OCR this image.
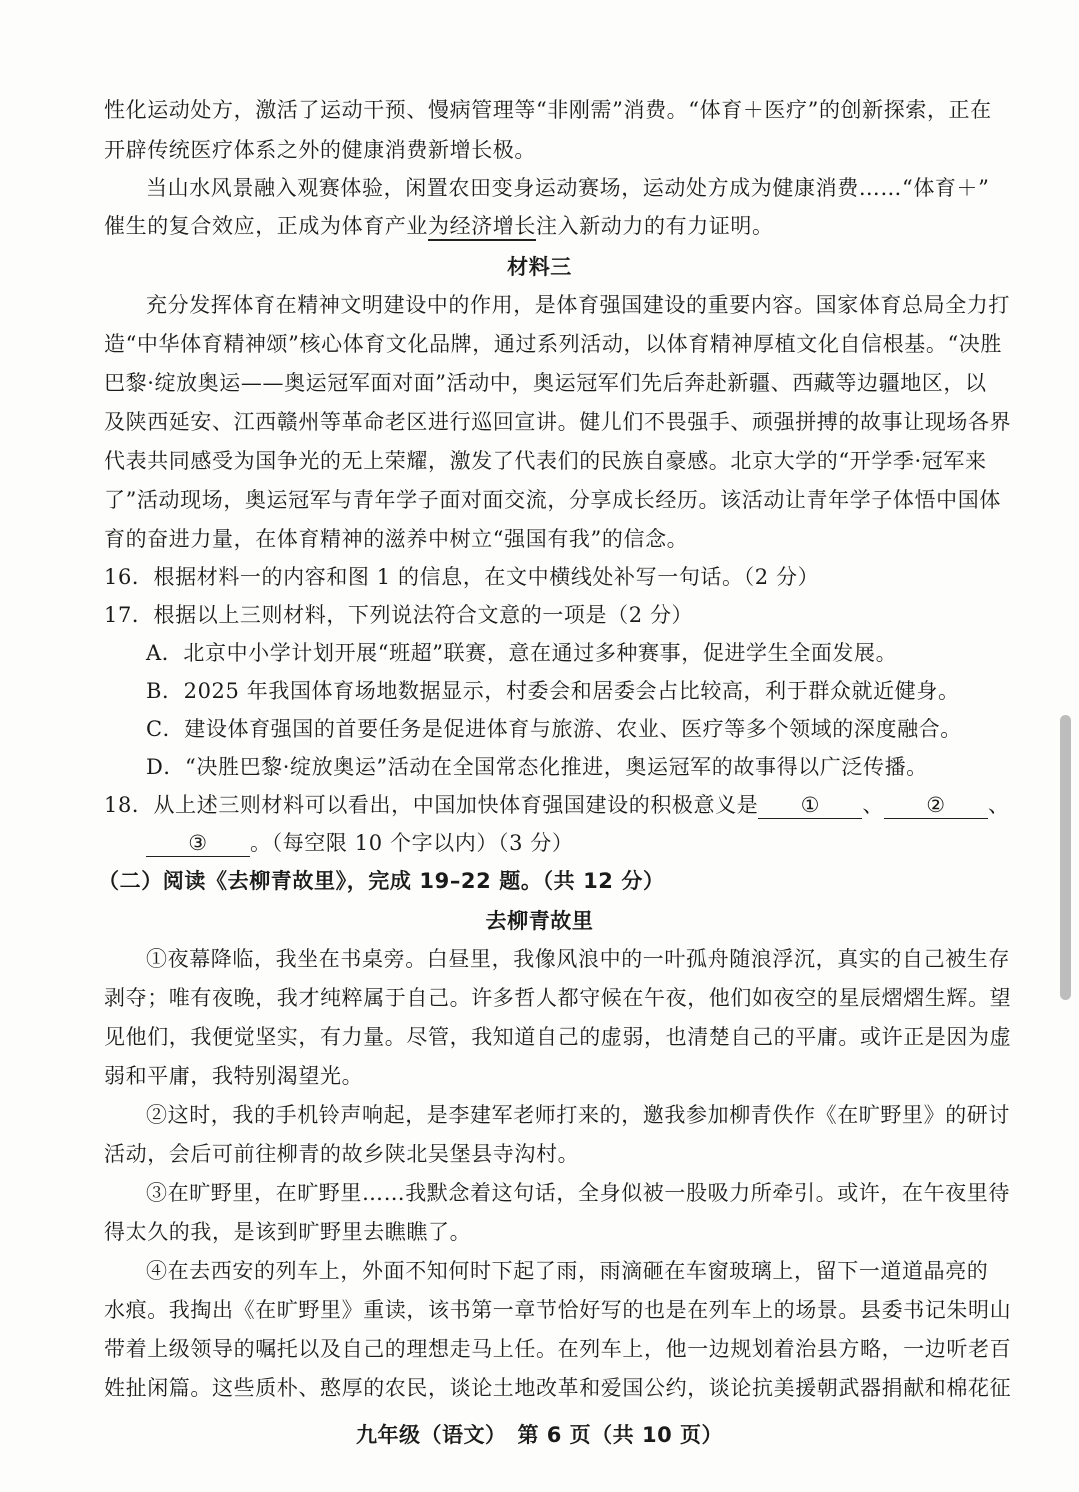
性化运动处方，激活了运动干预、慢病管理等“非刚需”消费。“体育＋医疗”的创新探索，正在
开辟传统医疗体系之外的健康消费新增长极。
当山水风景融入观赛体验，闲置农田变身运动赛场，运动处方成为健康消费……“体育＋”
催生的复合效应，正成为体育产业为经济增长注入新动力的有力证明。
材料三
充分发挥体育在精神文明建设中的作用，是体育强国建设的重要内容。国家体育总局全力打
造“中华体育精神颂”核心体育文化品牌，通过系列活动，以体育精神厚植文化自信根基。“决胜
巴黎·绽放奥运——奥运冠军面对面”活动中，奥运冠军们先后奔赴新疆、西藏等边疆地区，以
及陕西延安、江西赣州等革命老区进行巡回宣讲。健儿们不畏强手、顽强拼搏的故事让现场各界
代表共同感受为国争光的无上荣耀，激发了代表们的民族自豪感。北京大学的“开学季·冠军来
了”活动现场，奥运冠军与青年学子面对面交流，分享成长经历。该活动让青年学子体悟中国体
育的奋进力量，在体育精神的滋养中树立“强国有我”的信念。
16．根据材料一的内容和图 1 的信息，在文中横线处补写一句话。（2 分）
17．根据以上三则材料，下列说法符合文意的一项是（2 分）
A．北京中小学计划开展“班超”联赛，意在通过多种赛事，促进学生全面发展。
B．2025 年我国体育场地数据显示，村委会和居委会占比较高，利于群众就近健身。
C．建设体育强国的首要任务是促进体育与旅游、农业、医疗等多个领域的深度融合。
D．“决胜巴黎·绽放奥运”活动在全国常态化推进，奥运冠军的故事得以广泛传播。
18．从上述三则材料可以看出，中国加快体育强国建设的积极意义是 ① 、 ② 、
③ 。（每空限 10 个字以内）（3 分）
（二）阅读《去柳青故里》，完成 19–22 题。（共 12 分）
去柳青故里
①夜幕降临，我坐在书桌旁。白昼里，我像风浪中的一叶孤舟随浪浮沉，真实的自己被生存
剥夺；唯有夜晚，我才纯粹属于自己。许多哲人都守候在午夜，他们如夜空的星辰熠熠生辉。望
见他们，我便觉坚实，有力量。尽管，我知道自己的虚弱，也清楚自己的平庸。或许正是因为虚
弱和平庸，我特别渴望光。
②这时，我的手机铃声响起，是李建军老师打来的，邀我参加柳青佚作《在旷野里》的研讨
活动，会后可前往柳青的故乡陕北吴堡县寺沟村。
③在旷野里，在旷野里……我默念着这句话，全身似被一股吸力所牵引。或许，在午夜里待
得太久的我，是该到旷野里去瞧瞧了。
④在去西安的列车上，外面不知何时下起了雨，雨滴砸在车窗玻璃上，留下一道道晶亮的
水痕。我掏出《在旷野里》重读，该书第一章节恰好写的也是在列车上的场景。县委书记朱明山
带着上级领导的嘱托以及自己的理想走马上任。在列车上，他一边规划着治县方略，一边听老百
姓扯闲篇。这些质朴、憨厚的农民，谈论土地改革和爱国公约，谈论抗美援朝武器捐献和棉花征
九年级（语文）　第 6 页（共 10 页）
